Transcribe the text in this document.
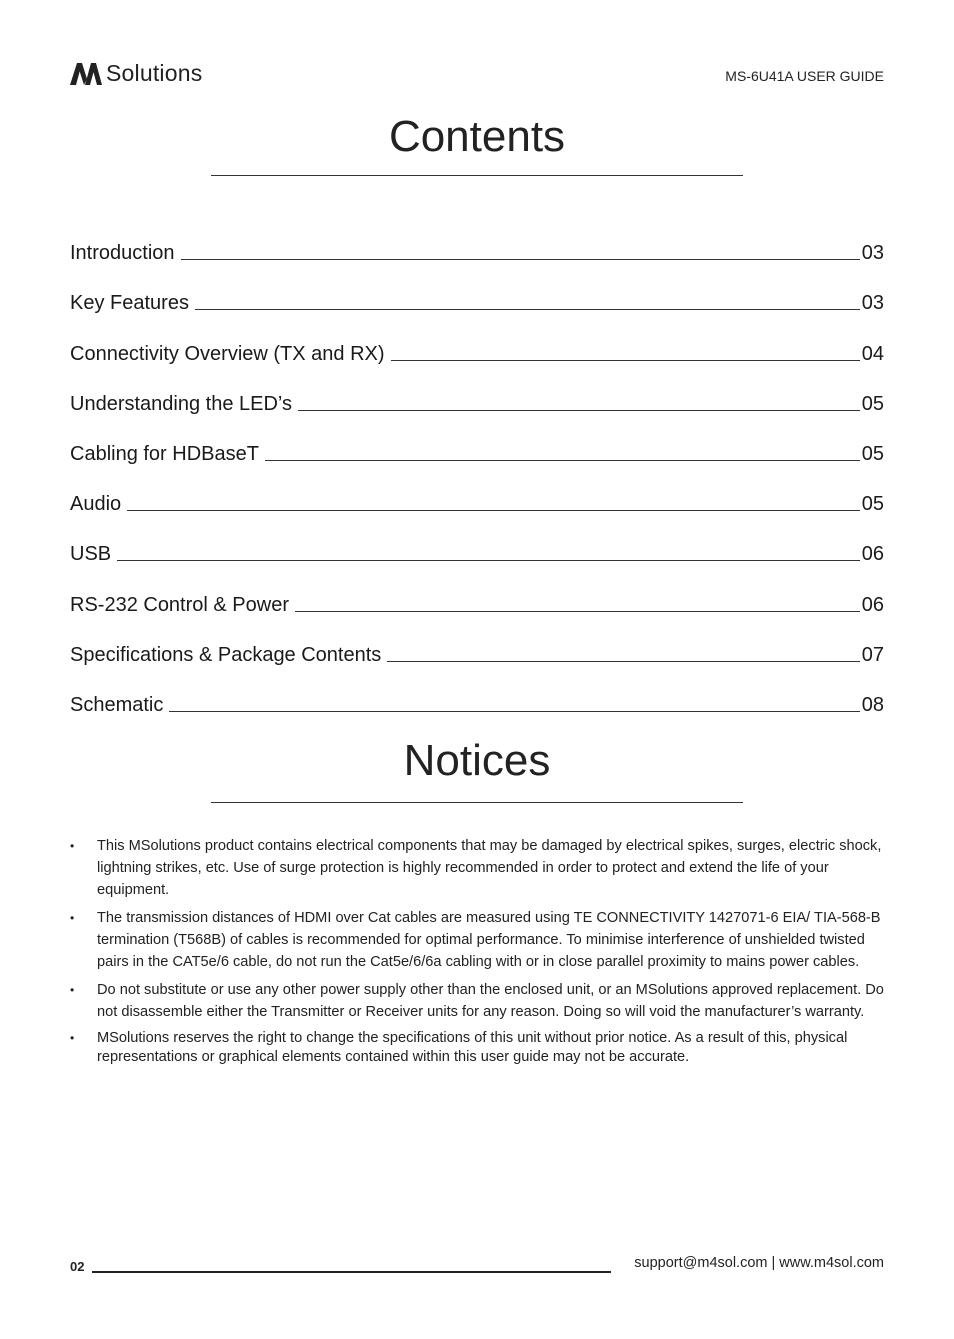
Solutions	MS-6U41A USER GUIDE
Contents
Introduction	03
Key Features	03
Connectivity Overview (TX and RX)	04
Understanding the LED’s	05
Cabling for HDBaseT	05
Audio	05
USB	06
RS-232 Control & Power	06
Specifications & Package Contents	07
Schematic	08
Notices
• This MSolutions product contains electrical components that may be damaged by electrical spikes, surges, electric shock, lightning strikes, etc. Use of surge protection is highly recommended in order to protect and extend the life of your equipment.
• The transmission distances of HDMI over Cat cables are measured using TE CONNECTIVITY 1427071-6 EIA/ TIA-568-B termination (T568B) of cables is recommended for optimal performance. To minimise interference of unshielded twisted pairs in the CAT5e/6 cable, do not run the Cat5e/6/6a cabling with or in close parallel proximity to mains power cables.
• Do not substitute or use any other power supply other than the enclosed unit, or an MSolutions approved replacement. Do not disassemble either the Transmitter or Receiver units for any reason. Doing so will void the manufacturer’s warranty.
• MSolutions reserves the right to change the specifications of this unit without prior notice. As a result of this, physical representations or graphical elements contained within this user guide may not be accurate.
02	support@m4sol.com | www.m4sol.com
